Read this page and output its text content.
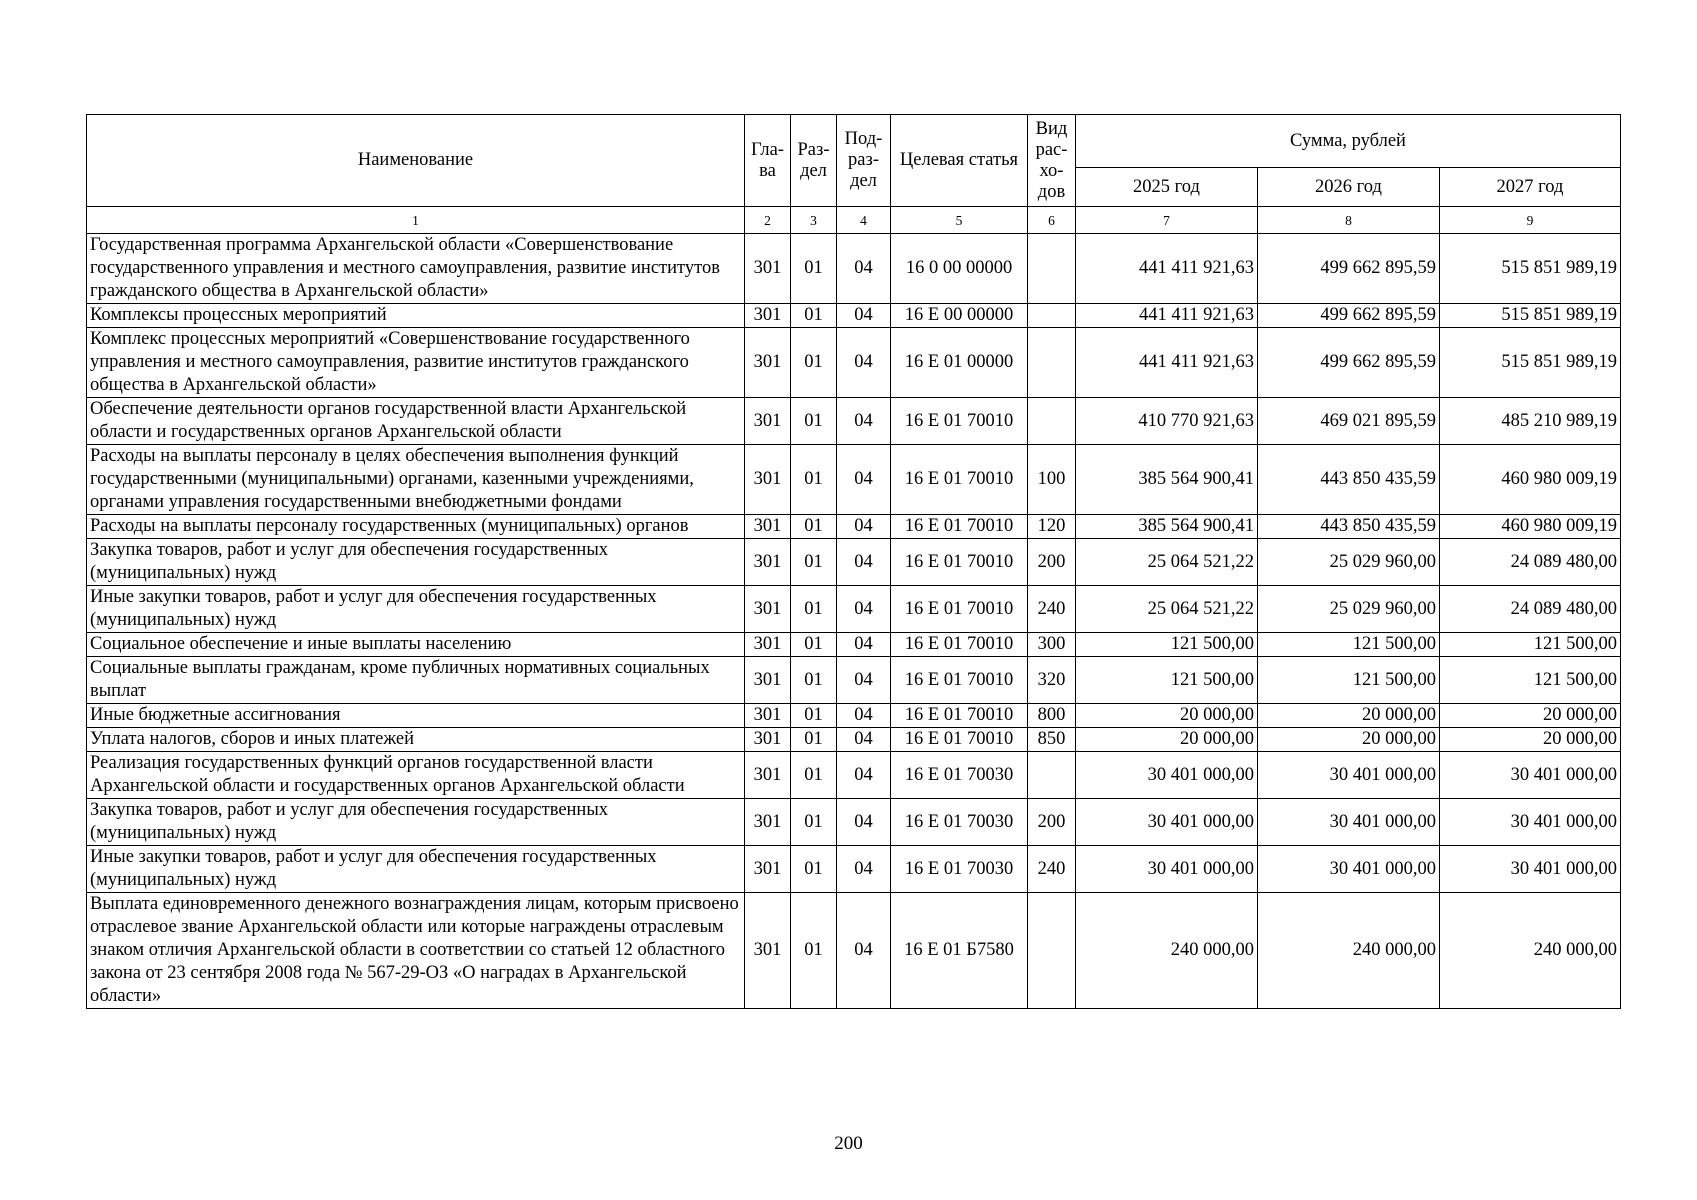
Наименование	Гла-ва	Раз-дел	Под-раз-дел	Целевая статья	Вид рас-хо-дов	Сумма, рублей		
						2025 год	2026 год	2027 год
1	2	3	4	5	6	7	8	9
Государственная программа Архангельской области «Совершенствование государственного управления и местного самоуправления, развитие институтов гражданского общества в Архангельской области»	301	01	04	16 0 00 00000		441 411 921,63	499 662 895,59	515 851 989,19
Комплексы процессных мероприятий	301	01	04	16 Е 00 00000		441 411 921,63	499 662 895,59	515 851 989,19
Комплекс процессных мероприятий «Совершенствование государственного управления и местного самоуправления, развитие институтов гражданского общества в Архангельской области»	301	01	04	16 Е 01 00000		441 411 921,63	499 662 895,59	515 851 989,19
Обеспечение деятельности органов государственной власти Архангельской области и государственных органов Архангельской области	301	01	04	16 Е 01 70010		410 770 921,63	469 021 895,59	485 210 989,19
Расходы на выплаты персоналу в целях обеспечения выполнения функций государственными (муниципальными) органами, казенными учреждениями, органами управления государственными внебюджетными фондами	301	01	04	16 Е 01 70010	100	385 564 900,41	443 850 435,59	460 980 009,19
Расходы на выплаты персоналу государственных (муниципальных) органов	301	01	04	16 Е 01 70010	120	385 564 900,41	443 850 435,59	460 980 009,19
Закупка товаров, работ и услуг для обеспечения государственных (муниципальных) нужд	301	01	04	16 Е 01 70010	200	25 064 521,22	25 029 960,00	24 089 480,00
Иные закупки товаров, работ и услуг для обеспечения государственных (муниципальных) нужд	301	01	04	16 Е 01 70010	240	25 064 521,22	25 029 960,00	24 089 480,00
Социальное обеспечение и иные выплаты населению	301	01	04	16 Е 01 70010	300	121 500,00	121 500,00	121 500,00
Социальные выплаты гражданам, кроме публичных нормативных социальных выплат	301	01	04	16 Е 01 70010	320	121 500,00	121 500,00	121 500,00
Иные бюджетные ассигнования	301	01	04	16 Е 01 70010	800	20 000,00	20 000,00	20 000,00
Уплата налогов, сборов и иных платежей	301	01	04	16 Е 01 70010	850	20 000,00	20 000,00	20 000,00
Реализация государственных функций органов государственной власти Архангельской области и государственных органов Архангельской области	301	01	04	16 Е 01 70030		30 401 000,00	30 401 000,00	30 401 000,00
Закупка товаров, работ и услуг для обеспечения государственных (муниципальных) нужд	301	01	04	16 Е 01 70030	200	30 401 000,00	30 401 000,00	30 401 000,00
Иные закупки товаров, работ и услуг для обеспечения государственных (муниципальных) нужд	301	01	04	16 Е 01 70030	240	30 401 000,00	30 401 000,00	30 401 000,00
Выплата единовременного денежного вознаграждения лицам, которым присвоено отраслевое звание Архангельской области или которые награждены отраслевым знаком отличия Архангельской области в соответствии со статьей 12 областного закона от 23 сентября 2008 года № 567-29-ОЗ «О наградах в Архангельской области»	301	01	04	16 Е 01 Б7580		240 000,00	240 000,00	240 000,00
200
